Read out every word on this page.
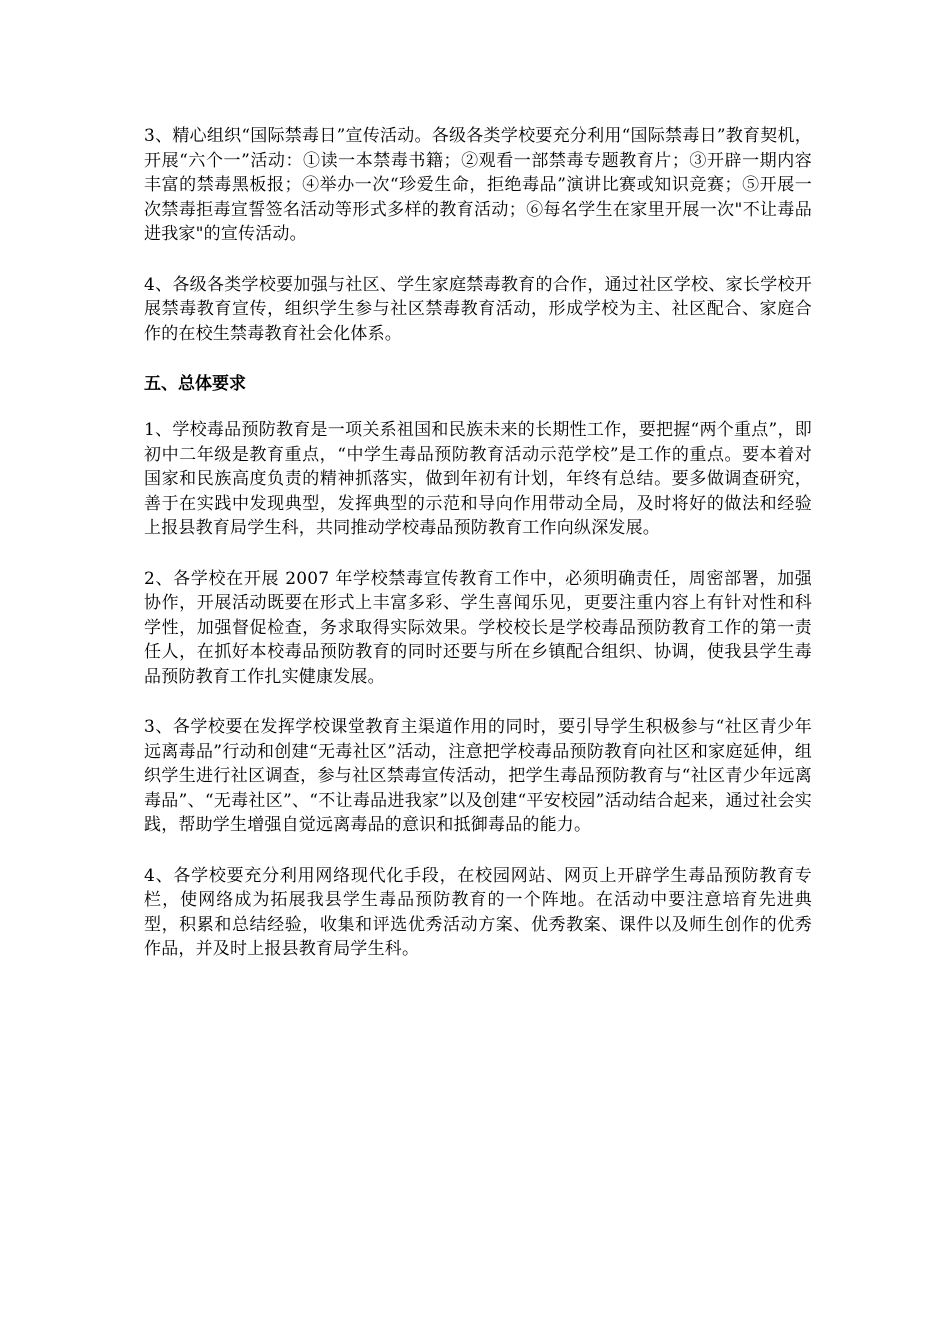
3、精心组织“国际禁毒日”宣传活动。各级各类学校要充分利用“国际禁毒日”教育契机，开展“六个一”活动：①读一本禁毒书籍；②观看一部禁毒专题教育片；③开辟一期内容丰富的禁毒黑板报；④举办一次“珍爱生命，拒绝毒品”演讲比赛或知识竞赛；⑤开展一次禁毒拒毒宣誓签名活动等形式多样的教育活动；⑥每名学生在家里开展一次"不让毒品进我家"的宣传活动。

4、各级各类学校要加强与社区、学生家庭禁毒教育的合作，通过社区学校、家长学校开展禁毒教育宣传，组织学生参与社区禁毒教育活动，形成学校为主、社区配合、家庭合作的在校生禁毒教育社会化体系。

五、总体要求

1、学校毒品预防教育是一项关系祖国和民族未来的长期性工作，要把握“两个重点”，即初中二年级是教育重点，“中学生毒品预防教育活动示范学校”是工作的重点。要本着对国家和民族高度负责的精神抓落实，做到年初有计划，年终有总结。要多做调查研究，善于在实践中发现典型，发挥典型的示范和导向作用带动全局，及时将好的做法和经验上报县教育局学生科，共同推动学校毒品预防教育工作向纵深发展。

2、各学校在开展 2007 年学校禁毒宣传教育工作中，必须明确责任，周密部署，加强协作，开展活动既要在形式上丰富多彩、学生喜闻乐见，更要注重内容上有针对性和科学性，加强督促检查，务求取得实际效果。学校校长是学校毒品预防教育工作的第一责任人，在抓好本校毒品预防教育的同时还要与所在乡镇配合组织、协调，使我县学生毒品预防教育工作扎实健康发展。

3、各学校要在发挥学校课堂教育主渠道作用的同时，要引导学生积极参与“社区青少年远离毒品”行动和创建“无毒社区”活动，注意把学校毒品预防教育向社区和家庭延伸，组织学生进行社区调查，参与社区禁毒宣传活动，把学生毒品预防教育与“社区青少年远离毒品”、“无毒社区”、“不让毒品进我家”以及创建“平安校园”活动结合起来，通过社会实践，帮助学生增强自觉远离毒品的意识和抵御毒品的能力。

4、各学校要充分利用网络现代化手段，在校园网站、网页上开辟学生毒品预防教育专栏，使网络成为拓展我县学生毒品预防教育的一个阵地。在活动中要注意培育先进典型，积累和总结经验，收集和评选优秀活动方案、优秀教案、课件以及师生创作的优秀作品，并及时上报县教育局学生科。
